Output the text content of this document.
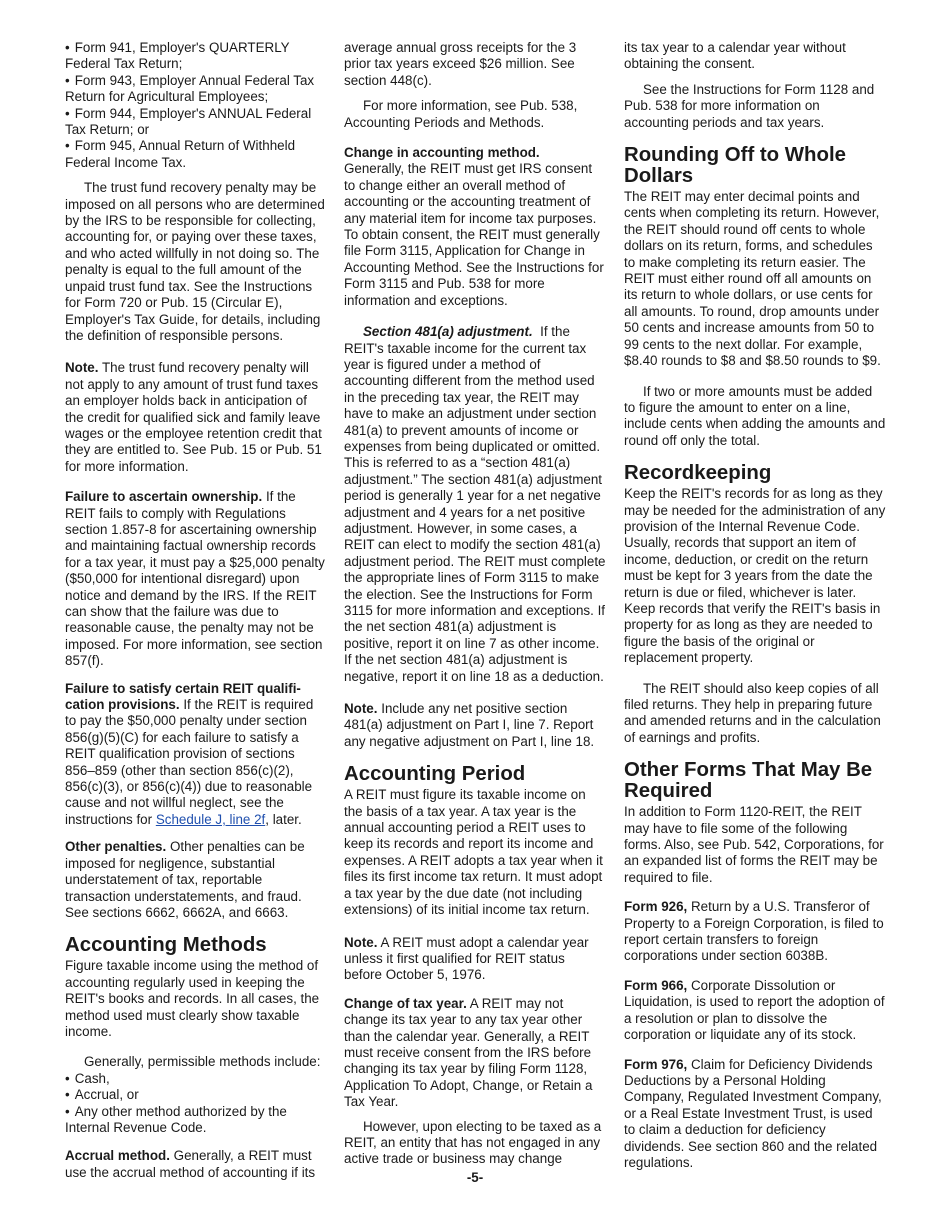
• Form 941, Employer's QUARTERLY Federal Tax Return;
• Form 943, Employer Annual Federal Tax Return for Agricultural Employees;
• Form 944, Employer's ANNUAL Federal Tax Return; or
• Form 945, Annual Return of Withheld Federal Income Tax.

The trust fund recovery penalty may be imposed on all persons who are determined by the IRS to be responsible for collecting, accounting for, or paying over these taxes, and who acted willfully in not doing so. The penalty is equal to the full amount of the unpaid trust fund tax. See the Instructions for Form 720 or Pub. 15 (Circular E), Employer's Tax Guide, for details, including the definition of responsible persons.

Note. The trust fund recovery penalty will not apply to any amount of trust fund taxes an employer holds back in anticipation of the credit for qualified sick and family leave wages or the employee retention credit that they are entitled to. See Pub. 15 or Pub. 51 for more information.

Failure to ascertain ownership. If the REIT fails to comply with Regulations section 1.857-8 for ascertaining ownership and maintaining factual ownership records for a tax year, it must pay a $25,000 penalty ($50,000 for intentional disregard) upon notice and demand by the IRS. If the REIT can show that the failure was due to reasonable cause, the penalty may not be imposed. For more information, see section 857(f).

Failure to satisfy certain REIT qualifi-cation provisions. If the REIT is required to pay the $50,000 penalty under section 856(g)(5)(C) for each failure to satisfy a REIT qualification provision of sections 856–859 (other than section 856(c)(2), 856(c)(3), or 856(c)(4)) due to reasonable cause and not willful neglect, see the instructions for Schedule J, line 2f, later.

Other penalties. Other penalties can be imposed for negligence, substantial understatement of tax, reportable transaction understatements, and fraud. See sections 6662, 6662A, and 6663.

Accounting Methods

Figure taxable income using the method of accounting regularly used in keeping the REIT's books and records. In all cases, the method used must clearly show taxable income.

Generally, permissible methods include:

• Cash,
• Accrual, or
• Any other method authorized by the Internal Revenue Code.

Accrual method. Generally, a REIT must use the accrual method of accounting if its

average annual gross receipts for the 3 prior tax years exceed $26 million. See section 448(c).

For more information, see Pub. 538, Accounting Periods and Methods.

Change in accounting method.
Generally, the REIT must get IRS consent to change either an overall method of accounting or the accounting treatment of any material item for income tax purposes. To obtain consent, the REIT must generally file Form 3115, Application for Change in Accounting Method. See the Instructions for Form 3115 and Pub. 538 for more information and exceptions.

Section 481(a) adjustment. If the REIT's taxable income for the current tax year is figured under a method of accounting different from the method used in the preceding tax year, the REIT may have to make an adjustment under section 481(a) to prevent amounts of income or expenses from being duplicated or omitted. This is referred to as a “section 481(a) adjustment.” The section 481(a) adjustment period is generally 1 year for a net negative adjustment and 4 years for a net positive adjustment. However, in some cases, a REIT can elect to modify the section 481(a) adjustment period. The REIT must complete the appropriate lines of Form 3115 to make the election. See the Instructions for Form 3115 for more information and exceptions. If the net section 481(a) adjustment is positive, report it on line 7 as other income. If the net section 481(a) adjustment is negative, report it on line 18 as a deduction.

Note. Include any net positive section 481(a) adjustment on Part I, line 7. Report any negative adjustment on Part I, line 18.

Accounting Period

A REIT must figure its taxable income on the basis of a tax year. A tax year is the annual accounting period a REIT uses to keep its records and report its income and expenses. A REIT adopts a tax year when it files its first income tax return. It must adopt a tax year by the due date (not including extensions) of its initial income tax return.

Note. A REIT must adopt a calendar year unless it first qualified for REIT status before October 5, 1976.

Change of tax year. A REIT may not change its tax year to any tax year other than the calendar year. Generally, a REIT must receive consent from the IRS before changing its tax year by filing Form 1128, Application To Adopt, Change, or Retain a Tax Year.

However, upon electing to be taxed as a REIT, an entity that has not engaged in any active trade or business may change

its tax year to a calendar year without obtaining the consent.

See the Instructions for Form 1128 and Pub. 538 for more information on accounting periods and tax years.

Rounding Off to Whole Dollars

The REIT may enter decimal points and cents when completing its return. However, the REIT should round off cents to whole dollars on its return, forms, and schedules to make completing its return easier. The REIT must either round off all amounts on its return to whole dollars, or use cents for all amounts. To round, drop amounts under 50 cents and increase amounts from 50 to 99 cents to the next dollar. For example, $8.40 rounds to $8 and $8.50 rounds to $9.

If two or more amounts must be added to figure the amount to enter on a line, include cents when adding the amounts and round off only the total.

Recordkeeping

Keep the REIT's records for as long as they may be needed for the administration of any provision of the Internal Revenue Code. Usually, records that support an item of income, deduction, or credit on the return must be kept for 3 years from the date the return is due or filed, whichever is later. Keep records that verify the REIT's basis in property for as long as they are needed to figure the basis of the original or replacement property.

The REIT should also keep copies of all filed returns. They help in preparing future and amended returns and in the calculation of earnings and profits.

Other Forms That May Be Required

In addition to Form 1120-REIT, the REIT may have to file some of the following forms. Also, see Pub. 542, Corporations, for an expanded list of forms the REIT may be required to file.

Form 926, Return by a U.S. Transferor of Property to a Foreign Corporation, is filed to report certain transfers to foreign corporations under section 6038B.

Form 966, Corporate Dissolution or Liquidation, is used to report the adoption of a resolution or plan to dissolve the corporation or liquidate any of its stock.

Form 976, Claim for Deficiency Dividends Deductions by a Personal Holding Company, Regulated Investment Company, or a Real Estate Investment Trust, is used to claim a deduction for deficiency dividends. See section 860 and the related regulations.

-5-
